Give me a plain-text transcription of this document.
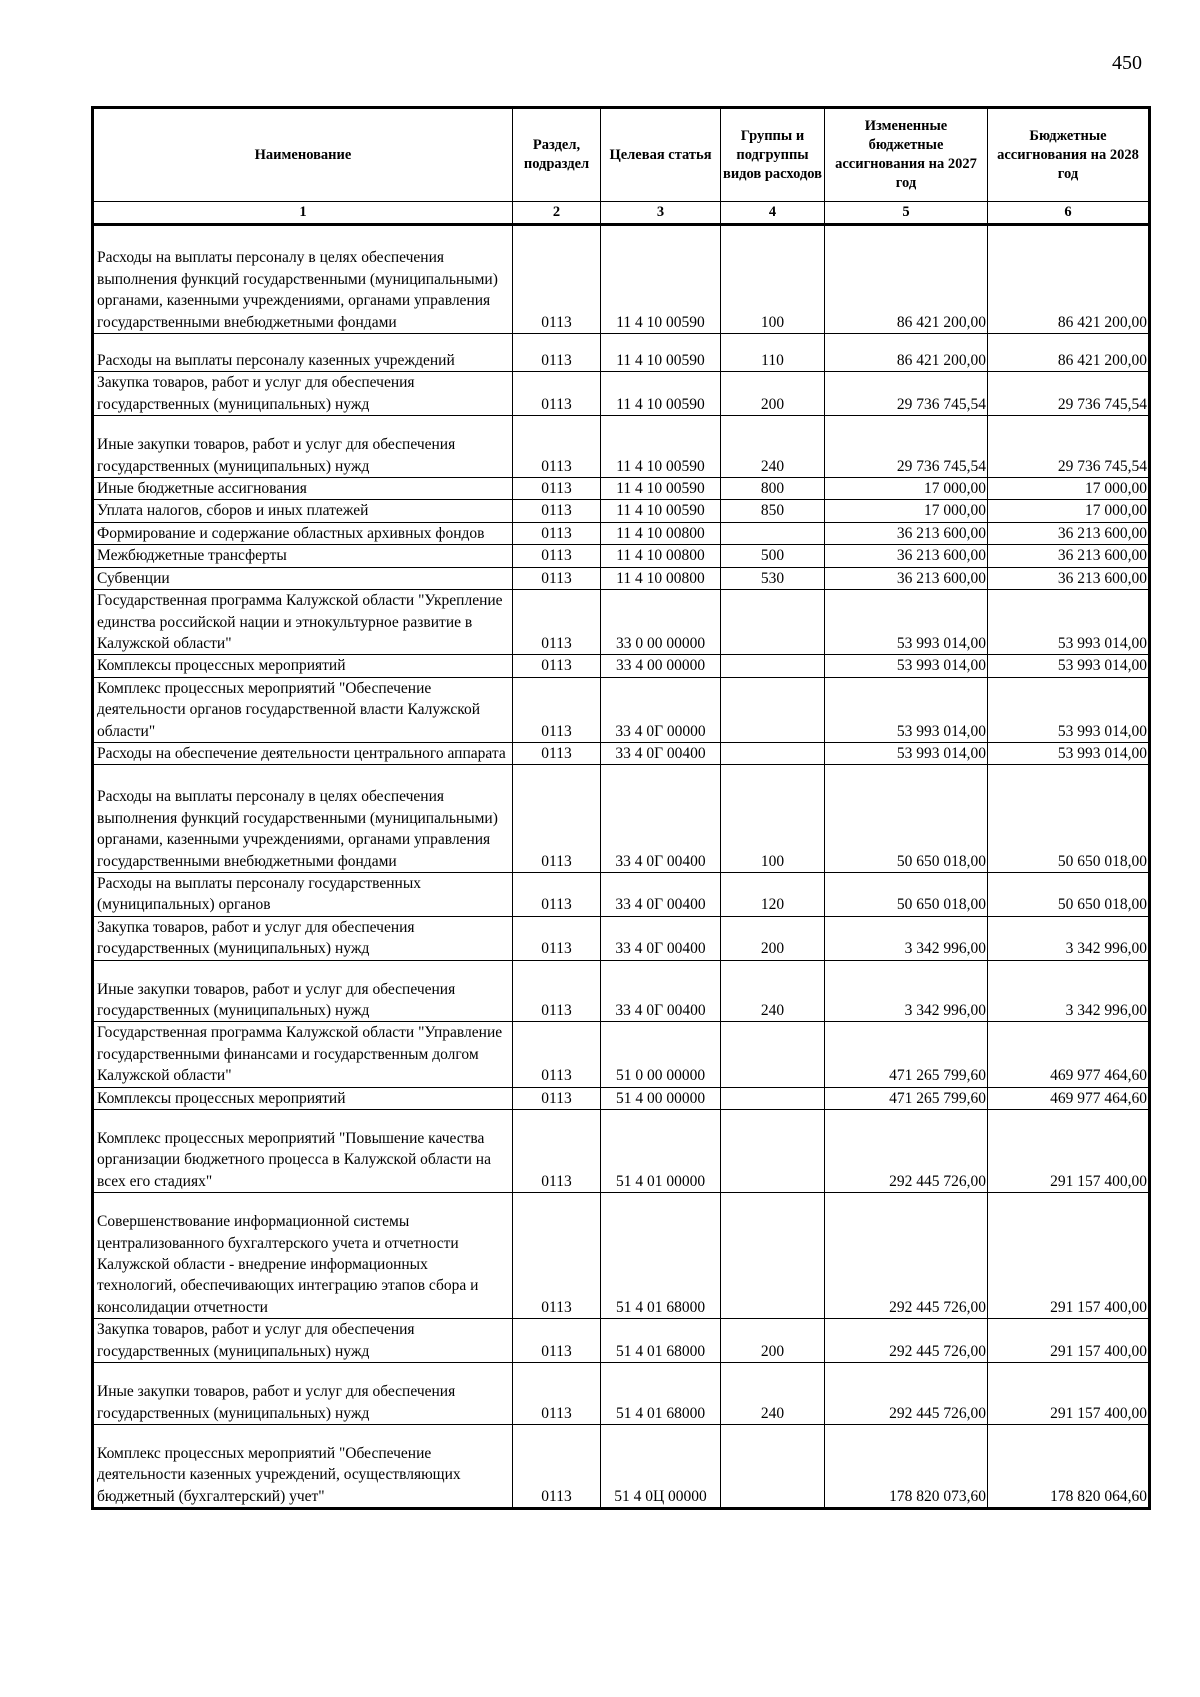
450
Наименование	Раздел, подраздел	Целевая статья	Группы и подгруппы видов расходов	Измененные бюджетные ассигнования на 2027 год	Бюджетные ассигнования на 2028 год
1	2	3	4	5	6
Расходы на выплаты персоналу в целях обеспечения выполнения функций государственными (муниципальными) органами, казенными учреждениями, органами управления государственными внебюджетными фондами	0113	11 4 10 00590	100	86 421 200,00	86 421 200,00
Расходы на выплаты персоналу казенных учреждений	0113	11 4 10 00590	110	86 421 200,00	86 421 200,00
Закупка товаров, работ и услуг для обеспечения государственных (муниципальных) нужд	0113	11 4 10 00590	200	29 736 745,54	29 736 745,54
Иные закупки товаров, работ и услуг для обеспечения государственных (муниципальных) нужд	0113	11 4 10 00590	240	29 736 745,54	29 736 745,54
Иные бюджетные ассигнования	0113	11 4 10 00590	800	17 000,00	17 000,00
Уплата налогов, сборов и иных платежей	0113	11 4 10 00590	850	17 000,00	17 000,00
Формирование и содержание областных архивных фондов	0113	11 4 10 00800		36 213 600,00	36 213 600,00
Межбюджетные трансферты	0113	11 4 10 00800	500	36 213 600,00	36 213 600,00
Субвенции	0113	11 4 10 00800	530	36 213 600,00	36 213 600,00
Государственная программа Калужской области "Укрепление единства российской нации и этнокультурное развитие в Калужской области"	0113	33 0 00 00000		53 993 014,00	53 993 014,00
Комплексы процессных мероприятий	0113	33 4 00 00000		53 993 014,00	53 993 014,00
Комплекс процессных мероприятий "Обеспечение деятельности органов государственной власти Калужской области"	0113	33 4 0Г 00000		53 993 014,00	53 993 014,00
Расходы на обеспечение деятельности центрального аппарата	0113	33 4 0Г 00400		53 993 014,00	53 993 014,00
Расходы на выплаты персоналу в целях обеспечения выполнения функций государственными (муниципальными) органами, казенными учреждениями, органами управления государственными внебюджетными фондами	0113	33 4 0Г 00400	100	50 650 018,00	50 650 018,00
Расходы на выплаты персоналу государственных (муниципальных) органов	0113	33 4 0Г 00400	120	50 650 018,00	50 650 018,00
Закупка товаров, работ и услуг для обеспечения государственных (муниципальных) нужд	0113	33 4 0Г 00400	200	3 342 996,00	3 342 996,00
Иные закупки товаров, работ и услуг для обеспечения государственных (муниципальных) нужд	0113	33 4 0Г 00400	240	3 342 996,00	3 342 996,00
Государственная программа Калужской области "Управление государственными финансами и государственным долгом Калужской области"	0113	51 0 00 00000		471 265 799,60	469 977 464,60
Комплексы процессных мероприятий	0113	51 4 00 00000		471 265 799,60	469 977 464,60
Комплекс процессных мероприятий "Повышение качества организации бюджетного процесса в Калужской области на всех его стадиях"	0113	51 4 01 00000		292 445 726,00	291 157 400,00
Совершенствование информационной системы централизованного бухгалтерского учета и отчетности Калужской области - внедрение информационных технологий, обеспечивающих интеграцию этапов сбора и консолидации отчетности	0113	51 4 01 68000		292 445 726,00	291 157 400,00
Закупка товаров, работ и услуг для обеспечения государственных (муниципальных) нужд	0113	51 4 01 68000	200	292 445 726,00	291 157 400,00
Иные закупки товаров, работ и услуг для обеспечения государственных (муниципальных) нужд	0113	51 4 01 68000	240	292 445 726,00	291 157 400,00
Комплекс процессных мероприятий "Обеспечение деятельности казенных учреждений, осуществляющих бюджетный (бухгалтерский) учет"	0113	51 4 0Ц 00000		178 820 073,60	178 820 064,60
